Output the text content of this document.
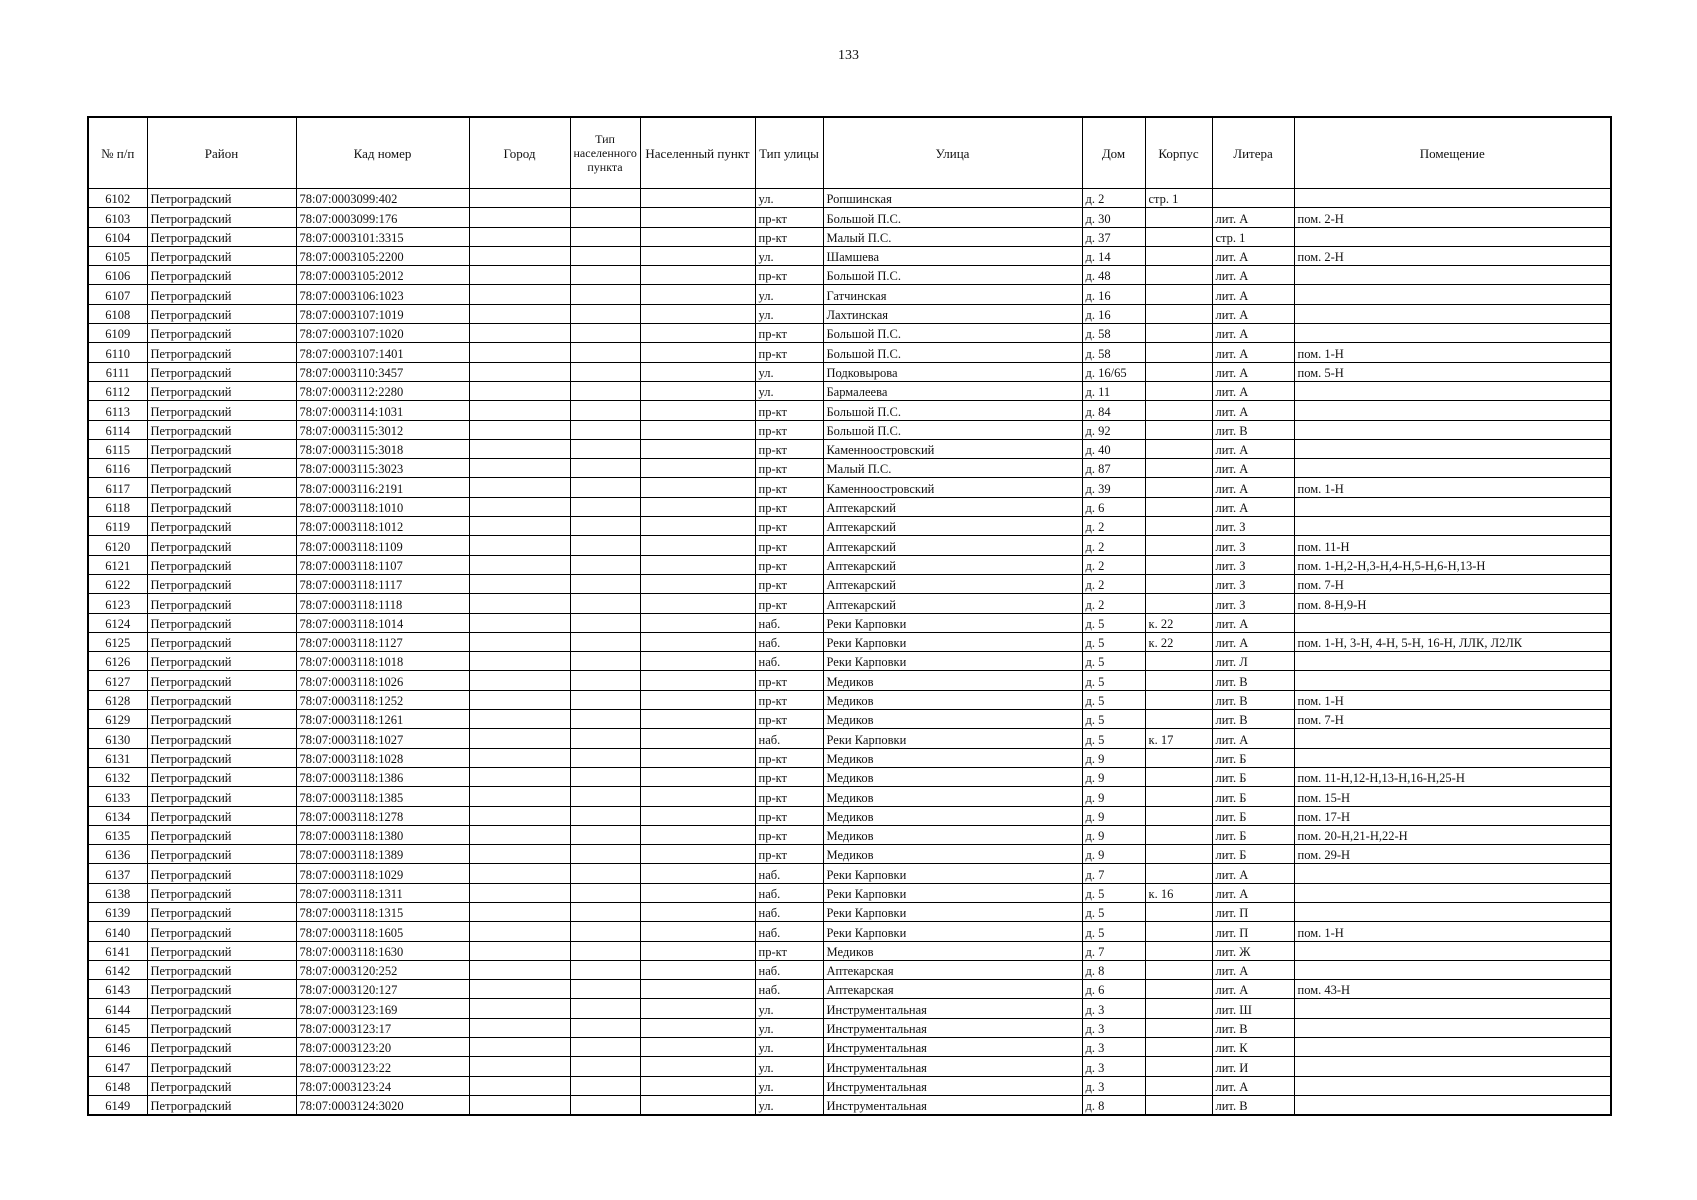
133
№ п/п	Район	Кад номер	Город	Тип населенного пункта	Населенный пункт	Тип улицы	Улица	Дом	Корпус	Литера	Помещение
6102	Петроградский	78:07:0003099:402				ул.	Ропшинская	д. 2	стр. 1		
6103	Петроградский	78:07:0003099:176				пр-кт	Большой П.С.	д. 30		лит. А	пом. 2-Н
6104	Петроградский	78:07:0003101:3315				пр-кт	Малый П.С.	д. 37		стр. 1	
6105	Петроградский	78:07:0003105:2200				ул.	Шамшева	д. 14		лит. А	пом. 2-Н
6106	Петроградский	78:07:0003105:2012				пр-кт	Большой П.С.	д. 48		лит. А	
6107	Петроградский	78:07:0003106:1023				ул.	Гатчинская	д. 16		лит. А	
6108	Петроградский	78:07:0003107:1019				ул.	Лахтинская	д. 16		лит. А	
6109	Петроградский	78:07:0003107:1020				пр-кт	Большой П.С.	д. 58		лит. А	
6110	Петроградский	78:07:0003107:1401				пр-кт	Большой П.С.	д. 58		лит. А	пом. 1-Н
6111	Петроградский	78:07:0003110:3457				ул.	Подковырова	д. 16/65		лит. А	пом. 5-Н
6112	Петроградский	78:07:0003112:2280				ул.	Бармалеева	д. 11		лит. А	
6113	Петроградский	78:07:0003114:1031				пр-кт	Большой П.С.	д. 84		лит. А	
6114	Петроградский	78:07:0003115:3012				пр-кт	Большой П.С.	д. 92		лит. В	
6115	Петроградский	78:07:0003115:3018				пр-кт	Каменноостровский	д. 40		лит. А	
6116	Петроградский	78:07:0003115:3023				пр-кт	Малый П.С.	д. 87		лит. А	
6117	Петроградский	78:07:0003116:2191				пр-кт	Каменноостровский	д. 39		лит. А	пом. 1-Н
6118	Петроградский	78:07:0003118:1010				пр-кт	Аптекарский	д. 6		лит. А	
6119	Петроградский	78:07:0003118:1012				пр-кт	Аптекарский	д. 2		лит. З	
6120	Петроградский	78:07:0003118:1109				пр-кт	Аптекарский	д. 2		лит. З	пом. 11-Н
6121	Петроградский	78:07:0003118:1107				пр-кт	Аптекарский	д. 2		лит. З	пом. 1-Н,2-Н,3-Н,4-Н,5-Н,6-Н,13-Н
6122	Петроградский	78:07:0003118:1117				пр-кт	Аптекарский	д. 2		лит. З	пом. 7-Н
6123	Петроградский	78:07:0003118:1118				пр-кт	Аптекарский	д. 2		лит. З	пом. 8-Н,9-Н
6124	Петроградский	78:07:0003118:1014				наб.	Реки Карповки	д. 5	к. 22	лит. А	
6125	Петроградский	78:07:0003118:1127				наб.	Реки Карповки	д. 5	к. 22	лит. А	пом. 1-Н, 3-Н, 4-Н, 5-Н, 16-Н, ЛЛК, Л2ЛК
6126	Петроградский	78:07:0003118:1018				наб.	Реки Карповки	д. 5		лит. Л	
6127	Петроградский	78:07:0003118:1026				пр-кт	Медиков	д. 5		лит. В	
6128	Петроградский	78:07:0003118:1252				пр-кт	Медиков	д. 5		лит. В	пом. 1-Н
6129	Петроградский	78:07:0003118:1261				пр-кт	Медиков	д. 5		лит. В	пом. 7-Н
6130	Петроградский	78:07:0003118:1027				наб.	Реки Карповки	д. 5	к. 17	лит. А	
6131	Петроградский	78:07:0003118:1028				пр-кт	Медиков	д. 9		лит. Б	
6132	Петроградский	78:07:0003118:1386				пр-кт	Медиков	д. 9		лит. Б	пом. 11-Н,12-Н,13-Н,16-Н,25-Н
6133	Петроградский	78:07:0003118:1385				пр-кт	Медиков	д. 9		лит. Б	пом. 15-Н
6134	Петроградский	78:07:0003118:1278				пр-кт	Медиков	д. 9		лит. Б	пом. 17-Н
6135	Петроградский	78:07:0003118:1380				пр-кт	Медиков	д. 9		лит. Б	пом. 20-Н,21-Н,22-Н
6136	Петроградский	78:07:0003118:1389				пр-кт	Медиков	д. 9		лит. Б	пом. 29-Н
6137	Петроградский	78:07:0003118:1029				наб.	Реки Карповки	д. 7		лит. А	
6138	Петроградский	78:07:0003118:1311				наб.	Реки Карповки	д. 5	к. 16	лит. А	
6139	Петроградский	78:07:0003118:1315				наб.	Реки Карповки	д. 5		лит. П	
6140	Петроградский	78:07:0003118:1605				наб.	Реки Карповки	д. 5		лит. П	пом. 1-Н
6141	Петроградский	78:07:0003118:1630				пр-кт	Медиков	д. 7		лит. Ж	
6142	Петроградский	78:07:0003120:252				наб.	Аптекарская	д. 8		лит. А	
6143	Петроградский	78:07:0003120:127				наб.	Аптекарская	д. 6		лит. А	пом. 43-Н
6144	Петроградский	78:07:0003123:169				ул.	Инструментальная	д. 3		лит. Ш	
6145	Петроградский	78:07:0003123:17				ул.	Инструментальная	д. 3		лит. В	
6146	Петроградский	78:07:0003123:20				ул.	Инструментальная	д. 3		лит. К	
6147	Петроградский	78:07:0003123:22				ул.	Инструментальная	д. 3		лит. И	
6148	Петроградский	78:07:0003123:24				ул.	Инструментальная	д. 3		лит. А	
6149	Петроградский	78:07:0003124:3020				ул.	Инструментальная	д. 8		лит. В	
